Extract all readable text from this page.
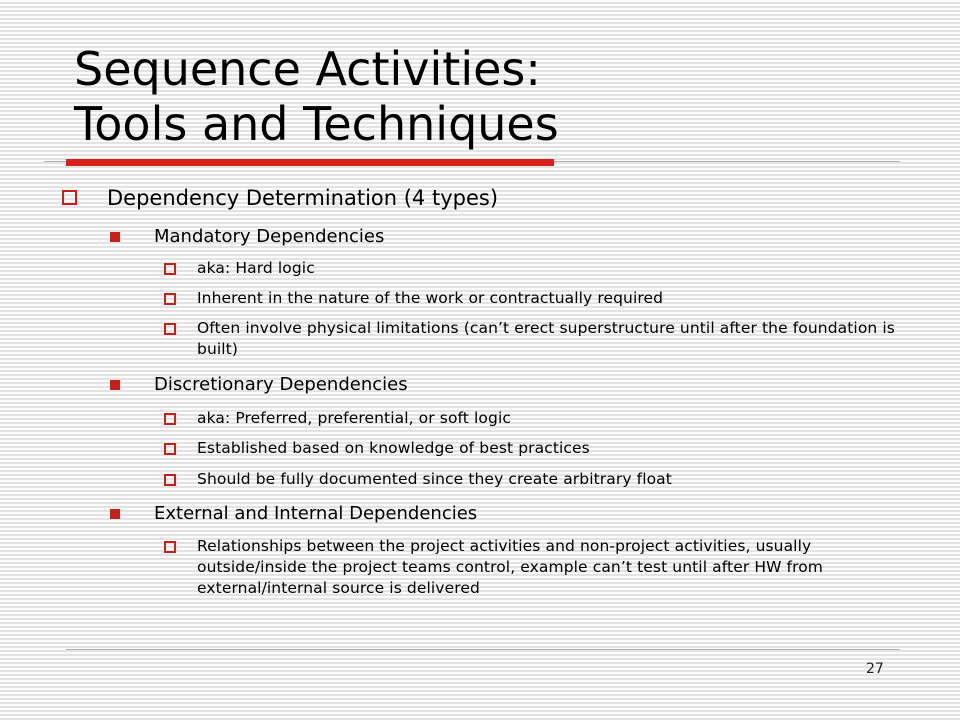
Sequence Activities:
Tools and Techniques

Dependency Determination (4 types)

Mandatory Dependencies

aka: Hard logic

Inherent in the nature of the work or contractually required

Often involve physical limitations (can’t erect superstructure until after the foundation is built)

Discretionary Dependencies

aka: Preferred, preferential, or soft logic

Established based on knowledge of best practices

Should be fully documented since they create arbitrary float

External and Internal Dependencies

Relationships between the project activities and non-project activities, usually outside/inside the project teams control, example can’t test until after HW from external/internal source is delivered

27
